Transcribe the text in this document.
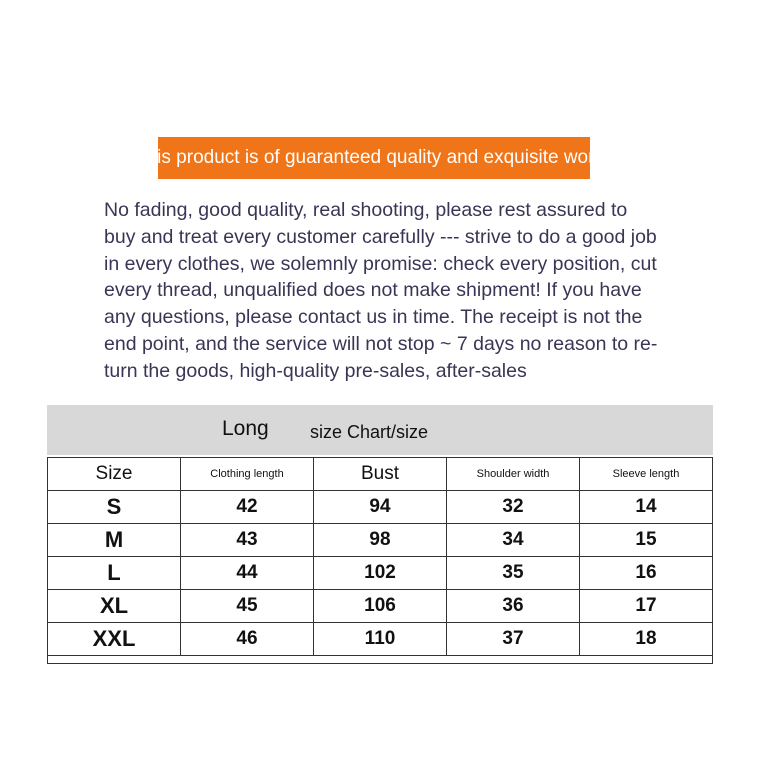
This product is of guaranteed quality and exquisite workmanship
No fading, good quality, real shooting, please rest assured to
buy and treat every customer carefully --- strive to do a good job
in every clothes, we solemnly promise: check every position, cut
every thread, unqualified does not make shipment! If you have
any questions, please contact us in time. The receipt is not the
end point, and the service will not stop ~ 7 days no reason to re-
turn the goods, high-quality pre-sales, after-sales
Long size Chart/size
Size	Clothing length	Bust	Shoulder width	Sleeve length
S	42	94	32	14
M	43	98	34	15
L	44	102	35	16
XL	45	106	36	17
XXL	46	110	37	18
